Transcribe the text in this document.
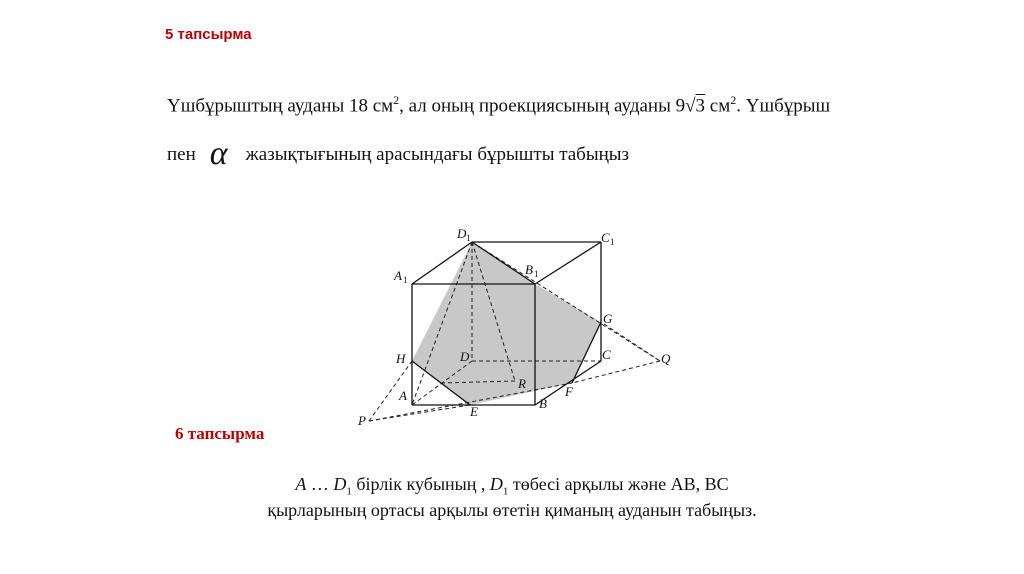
5 тапсырма
Үшбұрыштың ауданы 18 $см^2$, ал оның проекциясының ауданы 9√3 $см^2$. Үшбұрыш
пен α жазықтығының арасындағы бұрышты табыңыз
D 1	C 1
A 1
B 1
G
H	D	C	Q
R
F
A
B
E
P
6 тапсырма
A … $D_1$ бірлік кубының , $D_1$ төбесі арқылы және AB, BC
қырларының ортасы арқылы өтетін қиманың ауданын табыңыз.
